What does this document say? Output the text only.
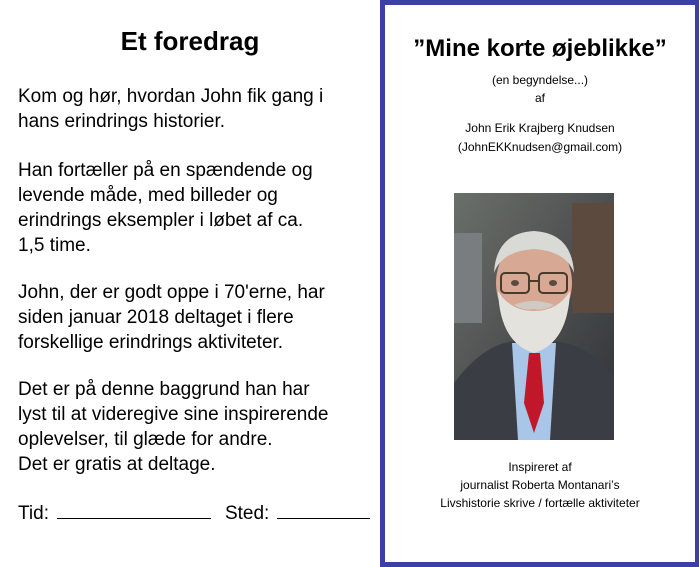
Et foredrag
Kom og hør, hvordan John fik gang i
hans erindrings historier.
Han fortæller på en spændende og
levende måde, med billeder og
erindrings eksempler i løbet af ca.
1,5 time.
John, der er godt oppe i 70'erne, har
siden januar 2018 deltaget i flere
forskellige erindrings aktiviteter.
Det er på denne baggrund han har
lyst til at videregive sine inspirerende
oplevelser, til glæde for andre.
Det er gratis at deltage.
Tid:	Sted:
”Mine korte øjeblikke”
(en begyndelse...)
af
John Erik Krajberg Knudsen
(JohnEKKnudsen@gmail.com)
Inspireret af
journalist Roberta Montanari’s
Livshistorie skrive / fortælle aktiviteter
